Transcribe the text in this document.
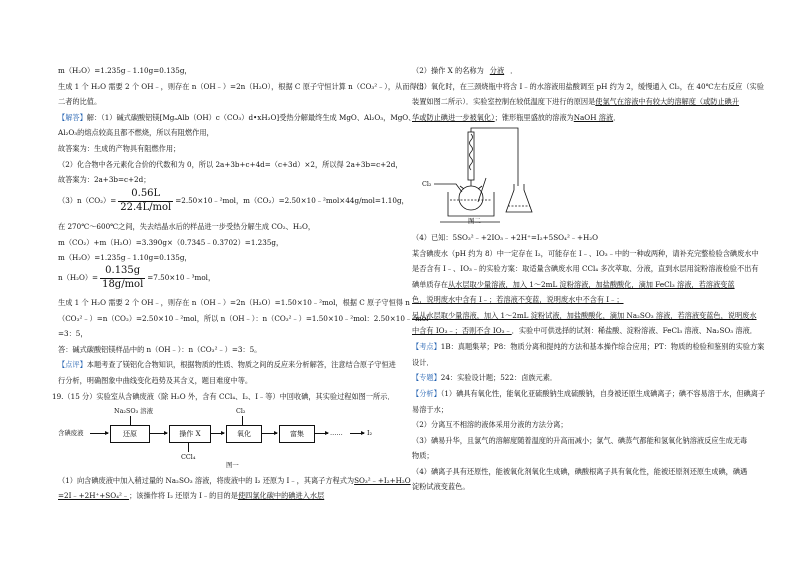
m（H₂O）=1.235g﹣1.10g=0.135g，
生成 1 个 H₂O 需要 2 个 OH﹣，则存在 n（OH﹣）=2n（H₂O），根据 C 原子守恒计算 n（CO₃²﹣），从而得出
二者的比值。
【解答】解：（1）碱式碳酸铝镁[MgₐAlb（OH）c（CO₃）d•xH₂O]受热分解最终生成 MgO、Al₂O₃，MgO、
Al₂O₃的熔点较高且都不燃烧，所以有阻燃作用，
故答案为：生成的产物具有阻燃作用；
（2）化合物中各元素化合价的代数和为 0，所以 2a+3b+c+4d=（c+3d）×2，所以得 2a+3b=c+2d，
故答案为：2a+3b=c+2d；
$(3)n(CO_2)= \frac{0.56L}{\text{22.4L/mol}}$ =2.50×10﹣²mol，m（CO₂）=2.50×10﹣²mol×44g/mol=1.10g，
在 270℃～600℃之间，失去结晶水后的样品进一步受热分解生成 CO₂、H₂O，
m（CO₂）+m（H₂O）=3.390g×（0.7345﹣0.3702）=1.235g，
m（H₂O）=1.235g﹣1.10g=0.135g，
$n(H_2O)= \frac{0.135g}{\text{18g/mol}}$ =7.50×10﹣³mol，
生成 1 个 H₂O 需要 2 个 OH﹣，则存在 n（OH﹣）=2n（H₂O）=1.50×10﹣²mol，根据 C 原子守恒得 n
（CO₃²﹣）=n（CO₂）=2.50×10﹣²mol，所以 n（OH﹣）：n（CO₃²﹣）=1.50×10﹣²mol：2.50×10﹣²mol
=3：5，
答：碱式碳酸铝镁样品中的 n（OH﹣）：n（CO₃²﹣）=3：5。
【点评】本题考查了镁铝化合物知识，根据物质的性质、物质之间的反应来分析解答，注意结合原子守恒进
行分析，明确图象中曲线变化趋势及其含义，题目难度中等。
19.（15 分）实验室从含碘废液（除 H₂O 外，含有 CCl₄、I₂、I﹣等）中回收碘，其实验过程如图一所示．
Na₂SO₃ 溶液	Cl₂
含碘废液	还原	操作 X	氧化	富集	……	I₂
CCl₄
图一
（1）向含碘废液中加入稍过量的 Na₂SO₃ 溶液，将废液中的 I₂ 还原为 I﹣，其离子方程式为SO₃²﹣+I₂+H₂O
=2I﹣+2H⁺+SO₄²﹣；该操作将 I₂ 还原为 I﹣的目的是使四氯化碳中的碘进入水层
（2）操作 X 的名称为 分液 ．
（3）氧化时，在三颈烧瓶中将含 I﹣的水溶液用盐酸调至 pH 约为 2，缓慢通入 Cl₂，在 40℃左右反应（实验
装置如图二所示）．实验室控制在较低温度下进行的原因是使氯气在溶液中有较大的溶解度（或防止碘升
华或防止碘进一步被氧化）；锥形瓶里盛放的溶液为NaOH 溶液．
Cl₂
图二
（4）已知：5SO₃²﹣+2IO₃﹣+2H⁺=I₂+5SO₄²﹣+H₂O
某含碘废水（pH 约为 8）中一定存在 I₂，可能存在 I﹣、IO₃﹣中的一种或两种，请补充完整检验含碘废水中
是否含有 I﹣、IO₃﹣的实验方案：取适量含碘废水用 CCl₄ 多次萃取、分液，直到水层用淀粉溶液检验不出有
碘单质存在从水层取少量溶液，加入 1～2mL 淀粉溶液，加盐酸酸化，滴加 FeCl₃ 溶液，若溶液变蓝
色，说明废水中含有 I﹣；若溶液不变蓝，说明废水中不含有 I﹣；
另从水层取少量溶液，加入 1～2mL 淀粉试液，加盐酸酸化，滴加 Na₂SO₃ 溶液，若溶液变蓝色，说明废水
中含有 IO₃﹣；否则不含 IO₃﹣．实验中可供选择的试剂：稀盐酸、淀粉溶液、FeCl₃ 溶液、Na₂SO₃ 溶液．
【考点】1B：真题集萃；P8：物质分离和提纯的方法和基本操作综合应用；PT：物质的检验和鉴别的实验方案
设计．
【专题】24：实验设计题；522：卤族元素．
【分析】（1）碘具有氧化性，能氧化亚硫酸钠生成硫酸钠，自身被还原生成碘离子；碘不容易溶于水，但碘离子
易溶于水；
（2）分离互不相溶的液体采用分液的方法分离；
（3）碘易升华，且氯气的溶解度随着温度的升高而减小；氯气、碘蒸气都能和氢氧化钠溶液反应生成无毒
物质；
（4）碘离子具有还原性，能被氧化剂氧化生成碘，碘酸根离子具有氧化性，能被还原剂还原生成碘，碘遇
淀粉试液变蓝色。
